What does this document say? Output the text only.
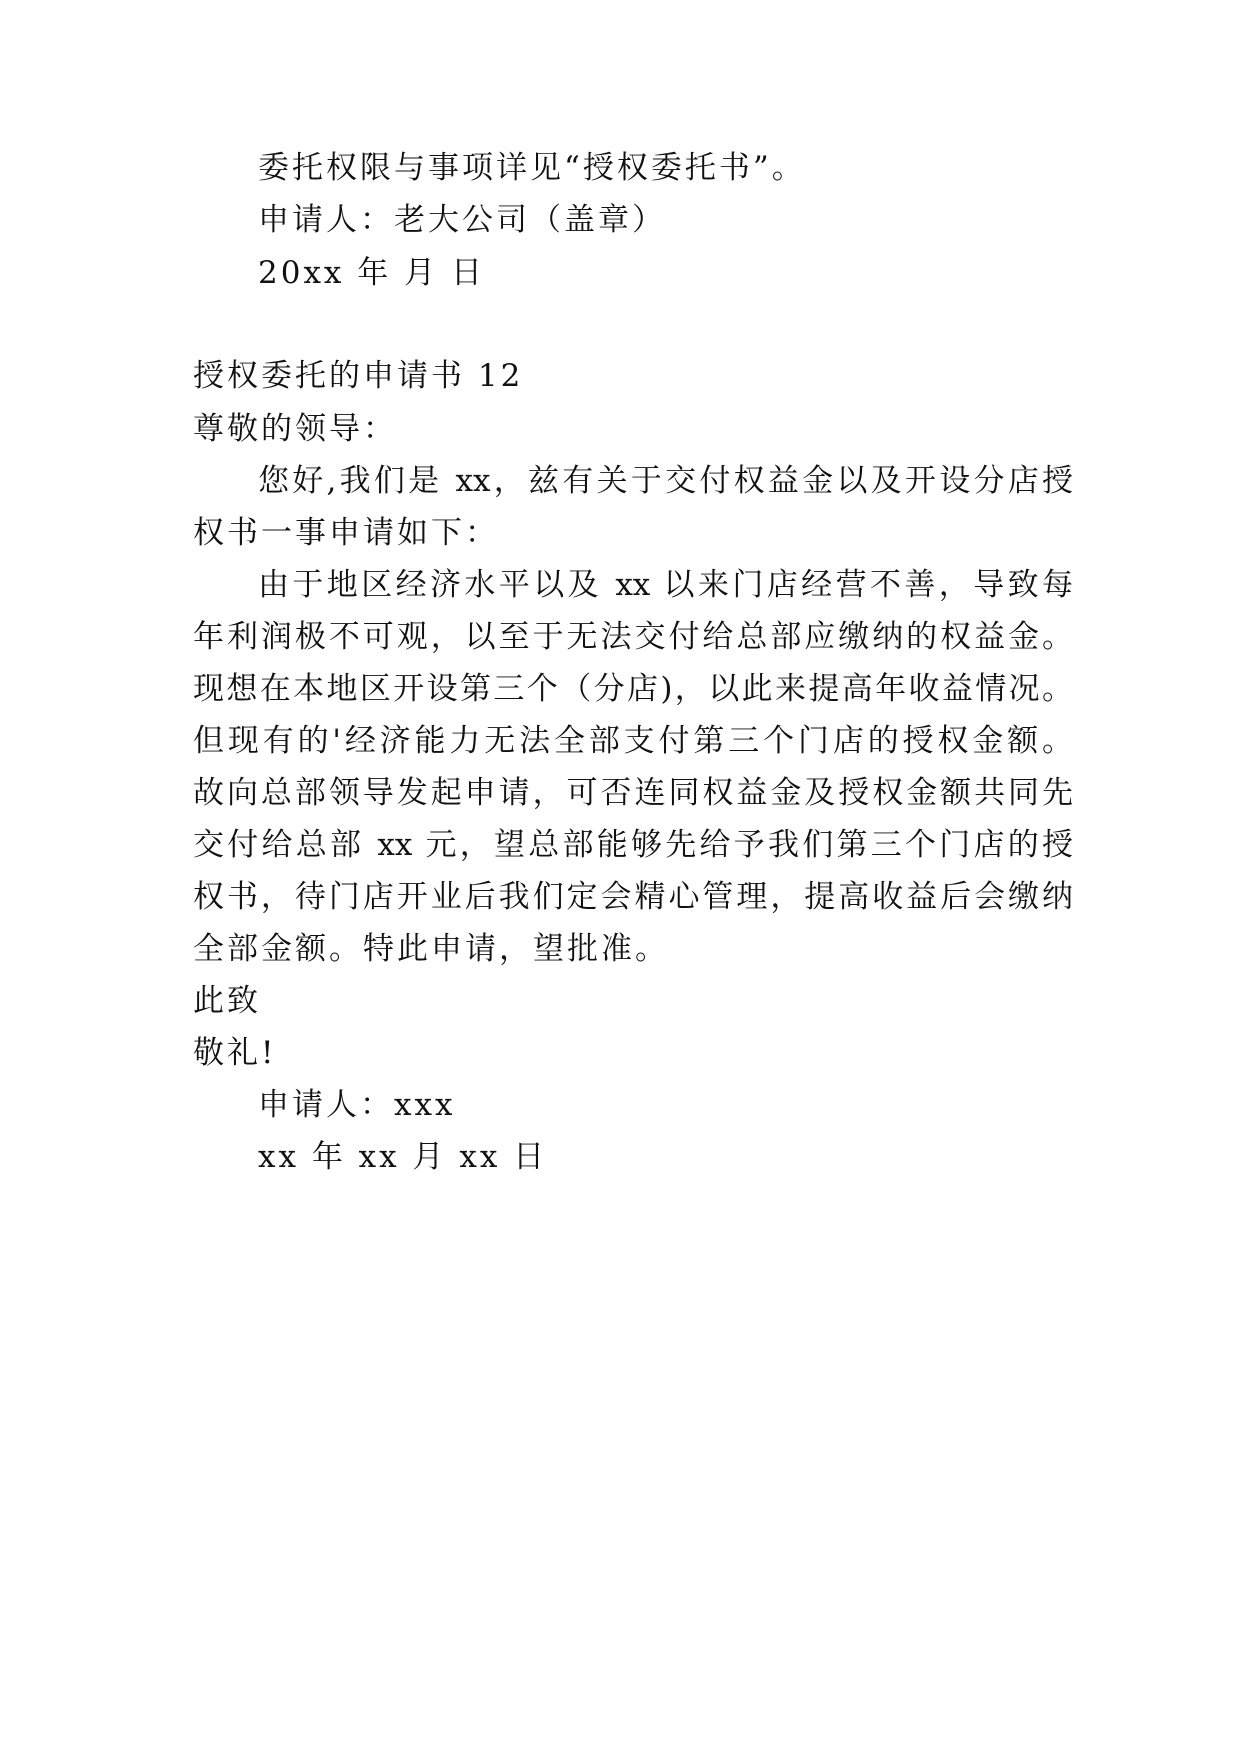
委托权限与事项详见“授权委托书”。
申请人：老大公司（盖章）
20xx 年 月 日
授权委托的申请书 12
尊敬的领导：
您好,我们是 xx，兹有关于交付权益金以及开设分店授
权书一事申请如下：
由于地区经济水平以及 xx 以来门店经营不善，导致每
年利润极不可观，以至于无法交付给总部应缴纳的权益金。
现想在本地区开设第三个（分店)，以此来提高年收益情况。
但现有的'经济能力无法全部支付第三个门店的授权金额。
故向总部领导发起申请，可否连同权益金及授权金额共同先
交付给总部 xx 元，望总部能够先给予我们第三个门店的授
权书，待门店开业后我们定会精心管理，提高收益后会缴纳
全部金额。特此申请，望批准。
此致
敬礼!
申请人：xxx
xx 年 xx 月 xx 日
